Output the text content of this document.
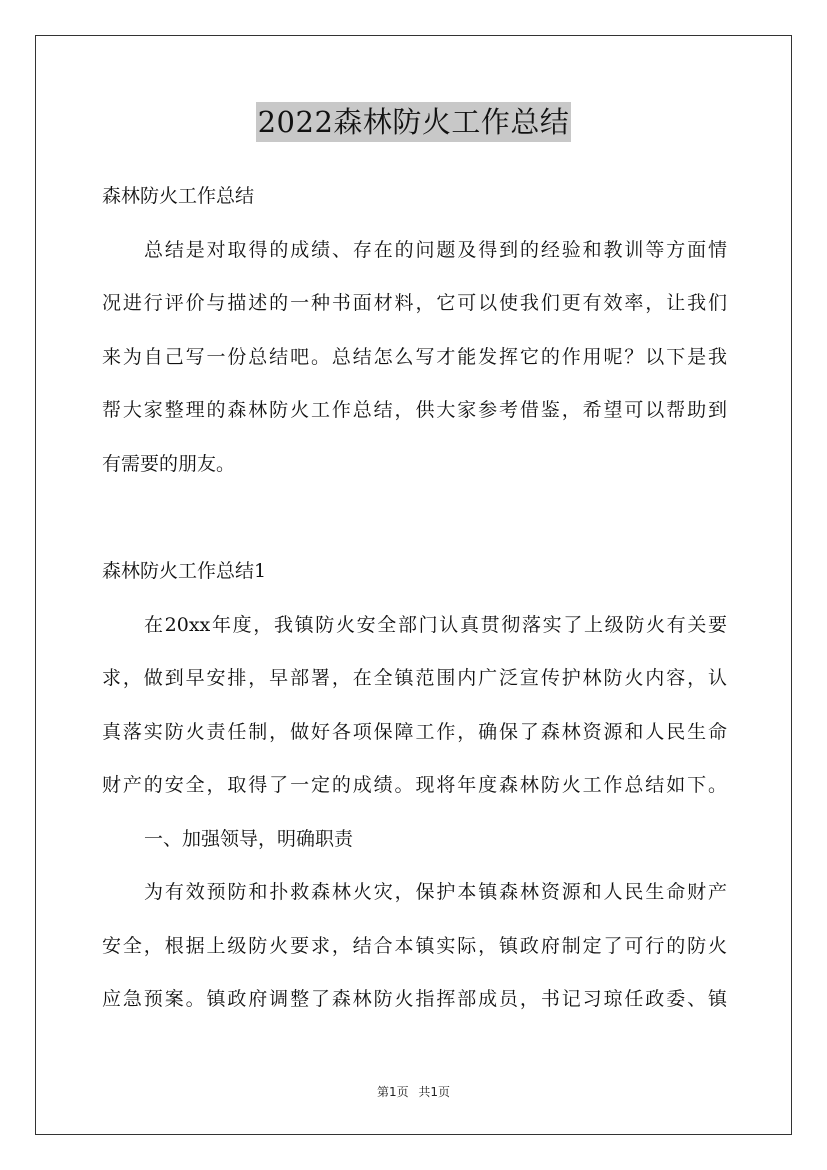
2022森林防火工作总结
森林防火工作总结
总结是对取得的成绩、存在的问题及得到的经验和教训等方面情
况进行评价与描述的一种书面材料，它可以使我们更有效率，让我们
来为自己写一份总结吧。总结怎么写才能发挥它的作用呢？以下是我
帮大家整理的森林防火工作总结，供大家参考借鉴，希望可以帮助到
有需要的朋友。
森林防火工作总结1
在20xx年度，我镇防火安全部门认真贯彻落实了上级防火有关要
求，做到早安排，早部署，在全镇范围内广泛宣传护林防火内容，认
真落实防火责任制，做好各项保障工作，确保了森林资源和人民生命
财产的安全，取得了一定的成绩。现将年度森林防火工作总结如下。
一、加强领导，明确职责
为有效预防和扑救森林火灾，保护本镇森林资源和人民生命财产
安全，根据上级防火要求，结合本镇实际，镇政府制定了可行的防火
应急预案。镇政府调整了森林防火指挥部成员，书记习琼任政委、镇
第1页 共1页
